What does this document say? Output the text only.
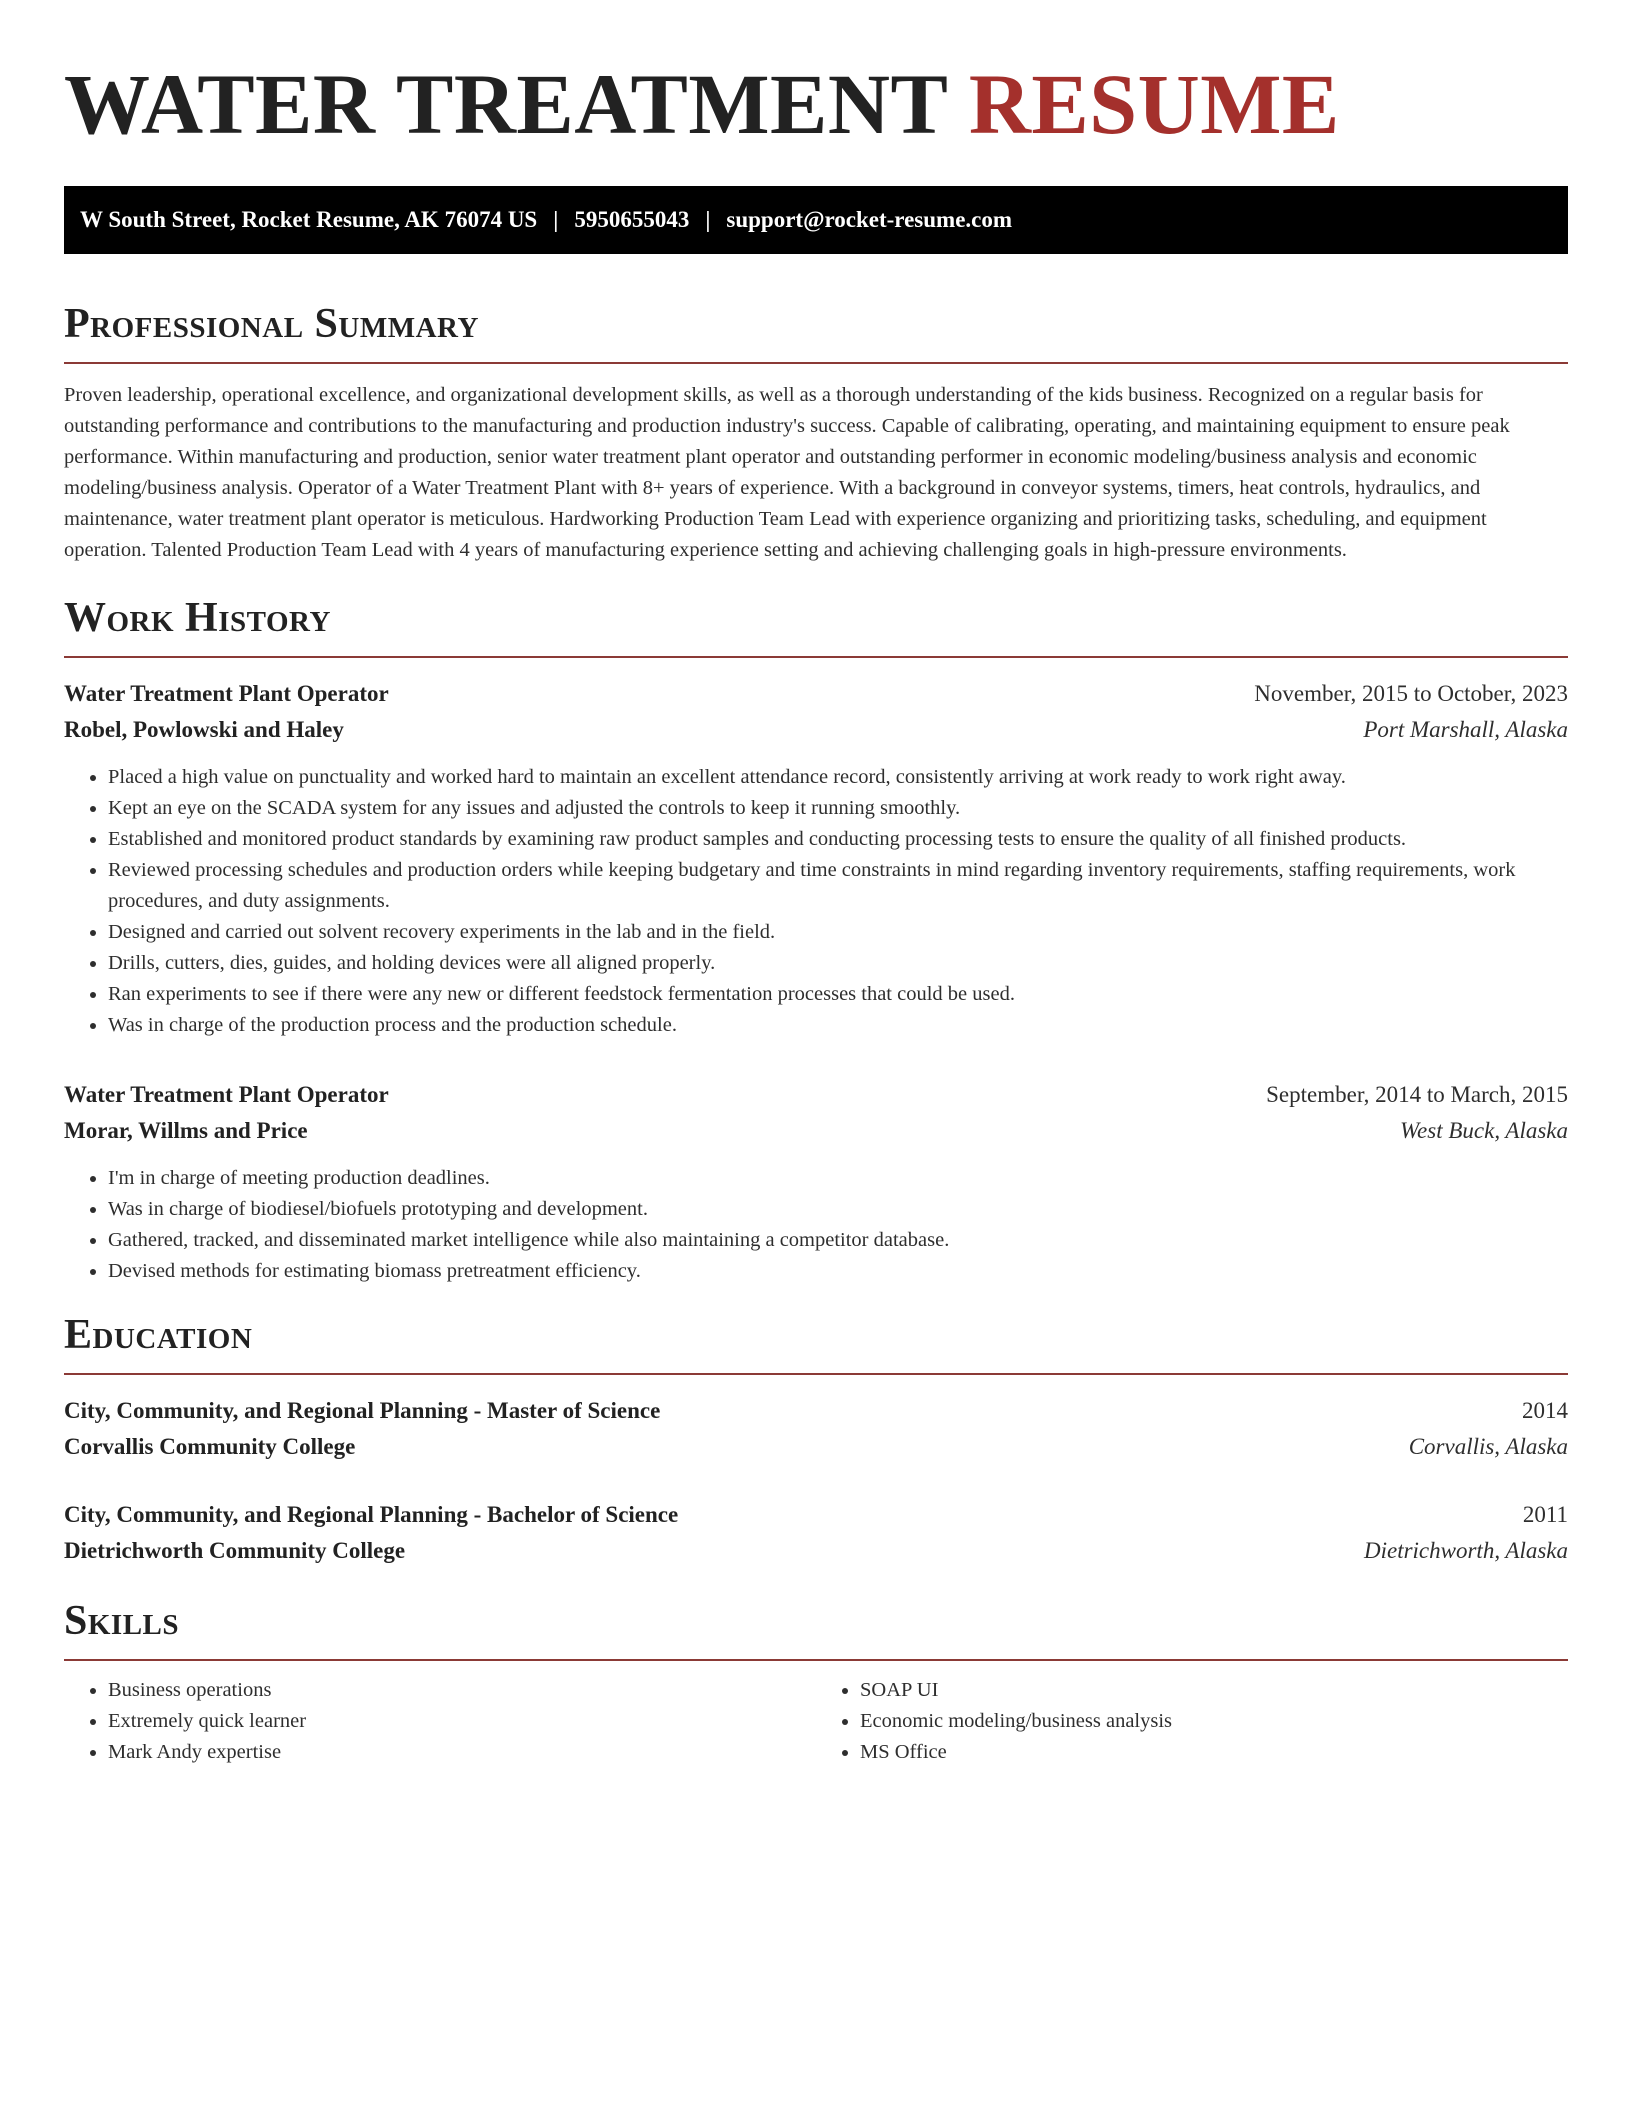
WATER TREATMENT RESUME
W South Street, Rocket Resume, AK 76074 US | 5950655043 | support@rocket-resume.com
Professional Summary

Proven leadership, operational excellence, and organizational development skills, as well as a thorough understanding of the kids business. Recognized on a regular basis for outstanding performance and contributions to the manufacturing and production industry's success. Capable of calibrating, operating, and maintaining equipment to ensure peak performance. Within manufacturing and production, senior water treatment plant operator and outstanding performer in economic modeling/business analysis and economic modeling/business analysis. Operator of a Water Treatment Plant with 8+ years of experience. With a background in conveyor systems, timers, heat controls, hydraulics, and maintenance, water treatment plant operator is meticulous. Hardworking Production Team Lead with experience organizing and prioritizing tasks, scheduling, and equipment operation. Talented Production Team Lead with 4 years of manufacturing experience setting and achieving challenging goals in high-pressure environments.

Work History
Water Treatment Plant Operator	November, 2015 to October, 2023
Robel, Powlowski and Haley	Port Marshall, Alaska
• Placed a high value on punctuality and worked hard to maintain an excellent attendance record, consistently arriving at work ready to work right away.
• Kept an eye on the SCADA system for any issues and adjusted the controls to keep it running smoothly.
• Established and monitored product standards by examining raw product samples and conducting processing tests to ensure the quality of all finished products.
• Reviewed processing schedules and production orders while keeping budgetary and time constraints in mind regarding inventory requirements, staffing requirements, work procedures, and duty assignments.
• Designed and carried out solvent recovery experiments in the lab and in the field.
• Drills, cutters, dies, guides, and holding devices were all aligned properly.
• Ran experiments to see if there were any new or different feedstock fermentation processes that could be used.
• Was in charge of the production process and the production schedule.
Water Treatment Plant Operator	September, 2014 to March, 2015
Morar, Willms and Price	West Buck, Alaska
• I'm in charge of meeting production deadlines.
• Was in charge of biodiesel/biofuels prototyping and development.
• Gathered, tracked, and disseminated market intelligence while also maintaining a competitor database.
• Devised methods for estimating biomass pretreatment efficiency.
Education
City, Community, and Regional Planning - Master of Science	2014
Corvallis Community College	Corvallis, Alaska
City, Community, and Regional Planning - Bachelor of Science	2011
Dietrichworth Community College	Dietrichworth, Alaska
Skills
• Business operations
• Extremely quick learner
• Mark Andy expertise
• SOAP UI
• Economic modeling/business analysis
• MS Office
